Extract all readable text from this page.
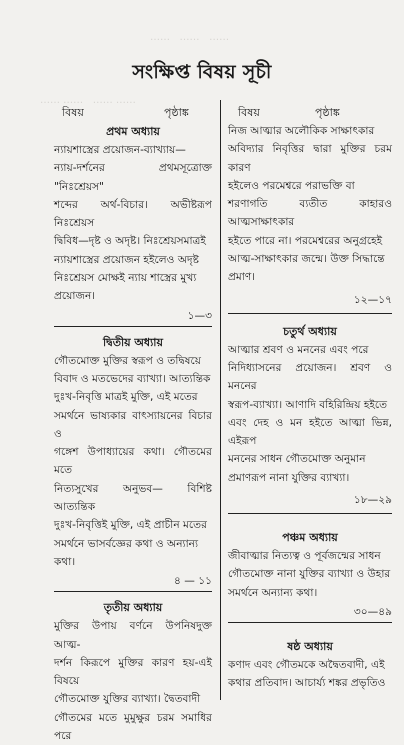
……   ……   ……
…… ……   …… ……
সংক্ষিপ্ত বিষয় সূচী
বিষয়	পৃষ্ঠাঙ্ক	বিষয়	পৃষ্ঠাঙ্ক
প্রথম অধ্যায়

ন্যায়শাস্ত্রের প্রয়োজন-ব্যাখ্যায়—

ন্যায়-দর্শনের প্রথমসূত্রোক্ত "নিঃশ্রেয়স"

শব্দের অর্থ-বিচার। অভীষ্টরূপ নিঃশ্রেয়স

দ্বিবিধ—দৃষ্ট ও অদৃষ্ট। নিঃশ্রেয়সমাত্রই

ন্যায়শাস্ত্রের প্রয়োজন হইলেও অদৃষ্ট

নিঃশ্রেয়স মোক্ষই ন্যায় শাস্ত্রের মুখ্য

প্রয়োজন।

১—৩
দ্বিতীয় অধ্যায়

গৌতমোক্ত মুক্তির স্বরূপ ও তদ্বিষয়ে

বিবাদ ও মতভেদের ব্যাখ্যা। আত্যন্তিক

দুঃখ-নিবৃত্তি মাত্রই মুক্তি, এই মতের

সমর্থনে ভাষ্যকার বাৎস্যায়নের বিচার ও

গঙ্গেশ উপাধ্যায়ের কথা। গৌতমের মতে

নিত্যসুখের অনুভব— বিশিষ্ট আত্যন্তিক

দুঃখ-নিবৃত্তিই মুক্তি, এই প্রাচীন মতের

সমর্থনে ভাসর্বজ্ঞের কথা ও অন্যান্য

কথা।

৪ — ১১
তৃতীয় অধ্যায়

মুক্তির উপায় বর্ণনে উপনিষদুক্ত আত্ম-

দর্শন কিরূপে মুক্তির কারণ হয়-এই বিষয়ে

গৌতমোক্ত যুক্তির ব্যাখ্যা। দ্বৈতবাদী

গৌতমের মতে মুমুক্ষুর চরম সমাধির পরে

নিজ আত্মার অলৌকিক সাক্ষাৎকার

অবিদ্যার নিবৃত্তির দ্বারা মুক্তির চরম কারণ

হইলেও পরমেশ্বরে পরাভক্তি বা

শরণাগতি ব্যতীত কাহারও আত্মসাক্ষাৎকার

হইতে পারে না। পরমেশ্বরের অনুগ্রহেই

আত্ম-সাক্ষাৎকার জন্মে। উক্ত সিদ্ধান্তে

প্রমাণ।

১২—১৭
চতুর্থ অধ্যায়

আত্মার শ্রবণ ও মননের এবং পরে

নিদিধ্যাসনের প্রয়োজন। শ্রবণ ও মননের

স্বরূপ-ব্যাখ্যা। আণাদি বহিরিন্দ্রিয় হইতে

এবং দেহ ও মন হইতে আত্মা ভিন্ন, এইরূপ

মননের সাধন গৌতমোক্ত অনুমান

প্রমাণরূপ নানা যুক্তির ব্যাখ্যা।

১৮—২৯
পঞ্চম অধ্যায়

জীবাত্মার নিত্যত্ব ও পূর্বজন্মের সাধন

গৌতমোক্ত নানা যুক্তির ব্যাখ্যা ও উহার

সমর্থনে অন্যান্য কথা।

৩০—৪৯
ষষ্ঠ অধ্যায়

কণাদ এবং গৌতমকে অদ্বৈতবাদী, এই

কথার প্রতিবাদ। আচার্য্য শঙ্কর প্রভৃতিও
